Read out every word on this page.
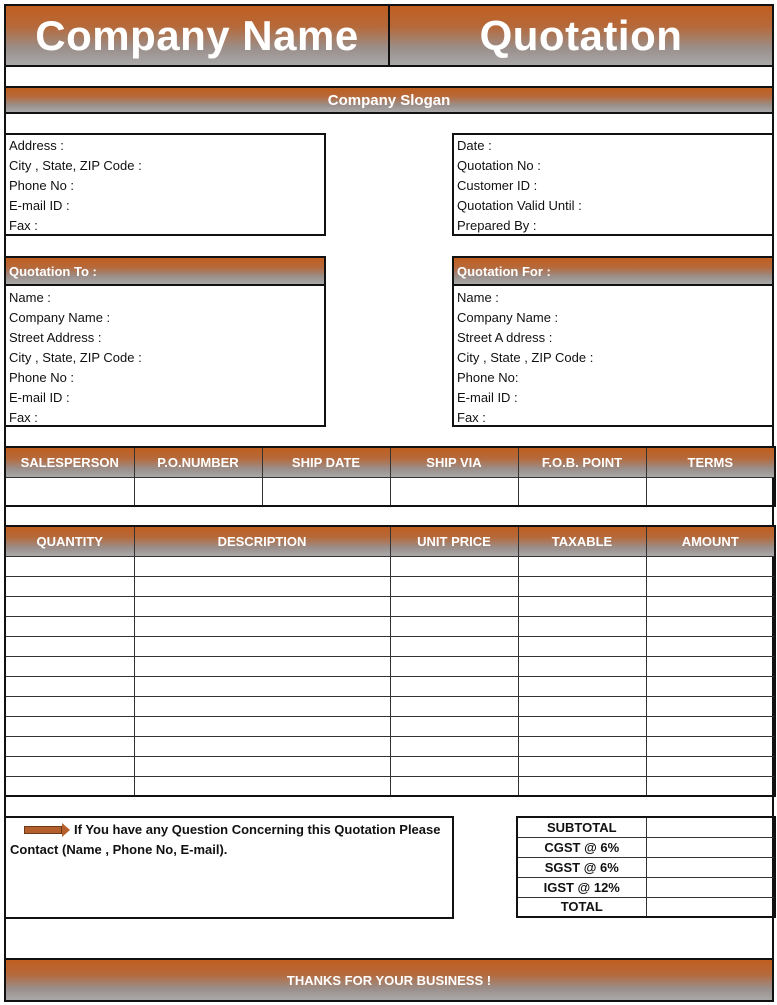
Company Name	Quotation
Company Slogan
Address :
City , State, ZIP Code :
Phone No :
E-mail ID :
Fax :
Date :
Quotation No :
Customer ID :
Quotation Valid Until :
Prepared By :
Quotation To :
Name :
Company Name :
Street Address :
City , State, ZIP Code :
Phone No :
E-mail ID :
Fax :
Quotation For :
Name :
Company Name :
Street A ddress :
City , State , ZIP Code :
Phone No:
E-mail ID :
Fax :
SALESPERSON	P.O.NUMBER	SHIP DATE	SHIP VIA	F.O.B. POINT	TERMS

QUANTITY	DESCRIPTION	UNIT PRICE	TAXABLE	AMOUNT

If You have any Question Concerning this Quotation Please
Contact (Name , Phone No, E-mail).
SUBTOTAL	
CGST @ 6%	
SGST @ 6%	
IGST @ 12%	
TOTAL	
THANKS FOR YOUR BUSINESS !
